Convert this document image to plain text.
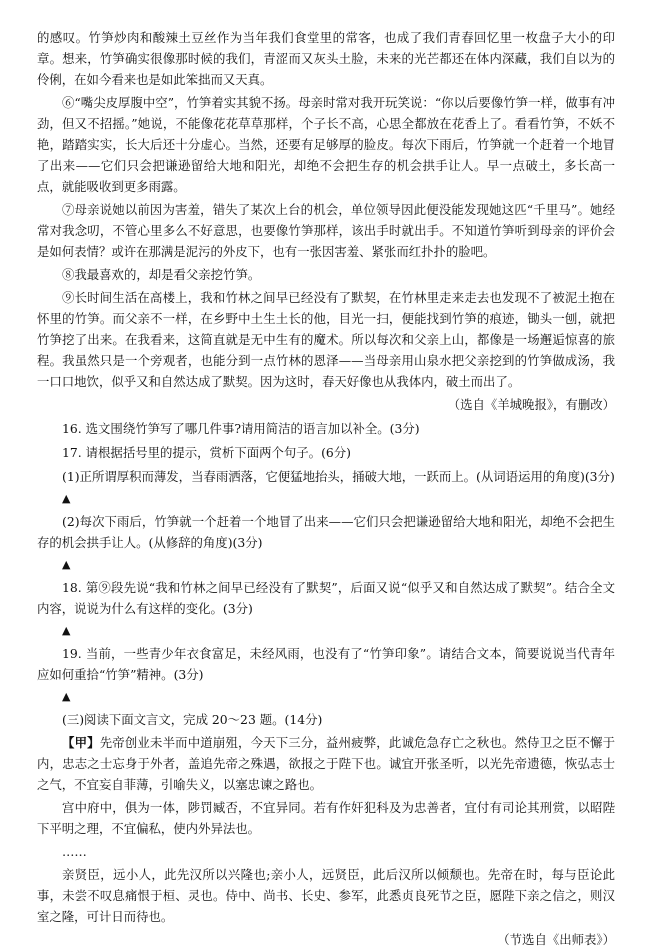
的感叹。竹笋炒肉和酸辣土豆丝作为当年我们食堂里的常客，也成了我们青春回忆里一枚盘子大小的印章。想来，竹笋确实很像那时候的我们，青涩而又灰头土脸，未来的光芒都还在体内深藏，我们自以为的伶俐，在如今看来也是如此笨拙而又天真。

⑥“嘴尖皮厚腹中空”，竹笋着实其貌不扬。母亲时常对我开玩笑说：“你以后要像竹笋一样，做事有冲劲，但又不招摇。”她说，不能像花花草草那样，个子长不高，心思全都放在花香上了。看看竹笋，不妖不艳，踏踏实实，长大后还十分虚心。当然，还要有足够厚的脸皮。每次下雨后，竹笋就一个赶着一个地冒了出来——它们只会把谦逊留给大地和阳光，却绝不会把生存的机会拱手让人。早一点破土，多长高一点，就能吸收到更多雨露。

⑦母亲说她以前因为害羞，错失了某次上台的机会，单位领导因此便没能发现她这匹“千里马”。她经常对我念叨，不管心里多么不好意思，也要像竹笋那样，该出手时就出手。不知道竹笋听到母亲的评价会是如何表情？或许在那满是泥污的外皮下，也有一张因害羞、紧张而红扑扑的脸吧。

⑧我最喜欢的，却是看父亲挖竹笋。

⑨长时间生活在高楼上，我和竹林之间早已经没有了默契，在竹林里走来走去也发现不了被泥土抱在怀里的竹笋。而父亲不一样，在乡野中土生土长的他，目光一扫，便能找到竹笋的痕迹，锄头一刨，就把竹笋挖了出来。在我看来，这简直就是无中生有的魔术。所以每次和父亲上山，都像是一场邂逅惊喜的旅程。我虽然只是一个旁观者，也能分到一点竹林的恩泽——当母亲用山泉水把父亲挖到的竹笋做成汤，我一口口地饮，似乎又和自然达成了默契。因为这时，春天好像也从我体内，破土而出了。

（选自《羊城晚报》，有删改）

16. 选文围绕竹笋写了哪几件事?请用简洁的语言加以补全。(3分)

17. 请根据括号里的提示，赏析下面两个句子。(6分)

(1)正所谓厚积而薄发，当春雨洒落，它便猛地抬头，捅破大地，一跃而上。(从词语运用的角度)(3分)

▲

(2)每次下雨后，竹笋就一个赶着一个地冒了出来——它们只会把谦逊留给大地和阳光，却绝不会把生存的机会拱手让人。(从修辞的角度)(3分)

▲

18. 第⑨段先说“我和竹林之间早已经没有了默契”，后面又说“似乎又和自然达成了默契”。结合全文内容，说说为什么有这样的变化。(3分)

▲

19. 当前，一些青少年衣食富足，未经风雨，也没有了“竹笋印象”。请结合文本，简要说说当代青年应如何重拾“竹笋”精神。(3分)

▲

(三)阅读下面文言文，完成 20～23 题。(14分)

【甲】先帝创业未半而中道崩殂，今天下三分，益州疲弊，此诚危急存亡之秋也。然侍卫之臣不懈于内，忠志之士忘身于外者，盖追先帝之殊遇，欲报之于陛下也。诚宜开张圣听，以光先帝遗德，恢弘志士之气，不宜妄自菲薄，引喻失义，以塞忠谏之路也。

宫中府中，俱为一体，陟罚臧否，不宜异同。若有作奸犯科及为忠善者，宜付有司论其刑赏，以昭陛下平明之理，不宜偏私，使内外异法也。

……

亲贤臣，远小人，此先汉所以兴隆也;亲小人，远贤臣，此后汉所以倾颓也。先帝在时，每与臣论此事，未尝不叹息痛恨于桓、灵也。侍中、尚书、长史、参军，此悉贞良死节之臣，愿陛下亲之信之，则汉室之隆，可计日而待也。

（节选自《出师表》）
